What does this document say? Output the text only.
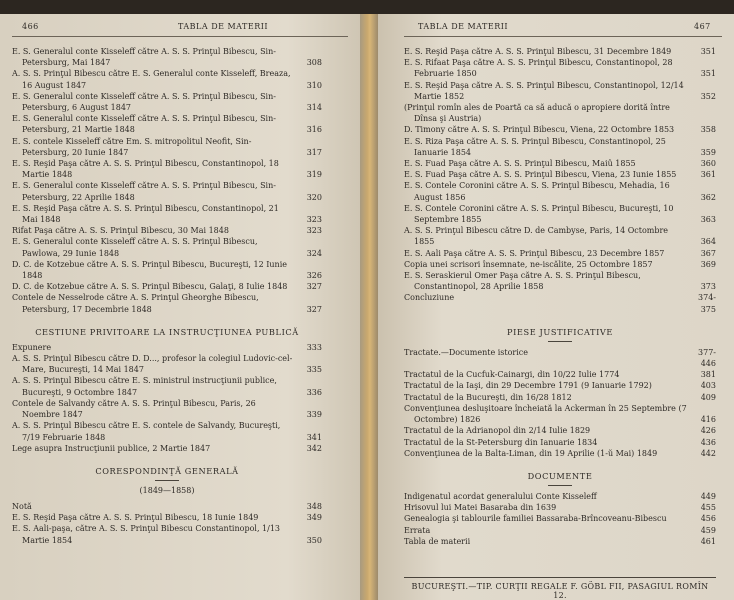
466	TABLA DE MATERII
E. S. Generalul conte Kisseleff către A. S. S. Prinţul Bibescu, Sin-Petersburg, Mai 1847	308
A. S. S. Prinţul Bibescu către E. S. Generalul conte Kisseleff, Breaza, 16 August 1847	310
E. S. Generalul conte Kisseleff către A. S. S. Prinţul Bibescu, Sin-Petersburg, 6 August 1847	314
E. S. Generalul conte Kisseleff către A. S. S. Prinţul Bibescu, Sin-Petersburg, 21 Martie 1848	316
E. S. contele Kisseleff către Em. S. mitropolitul Neofit, Sin-Petersburg, 20 Iunie 1847	317
E. S. Reşid Paşa către A. S. S. Prinţul Bibescu, Constantinopol, 18 Martie 1848	319
E. S. Generalul conte Kisseleff către A. S. S. Prinţul Bibescu, Sin-Petersburg, 22 Aprilie 1848	320
E. S. Reşid Paşa către A. S. S. Prinţul Bibescu, Constantinopol, 21 Mai 1848	323
Rifat Paşa către A. S. S. Prinţul Bibescu, 30 Mai 1848	323
E. S. Generalul conte Kisseleff către A. S. S. Prinţul Bibescu, Pawlowa, 29 Iunie 1848	324
D. C. de Kotzebue către A. S. S. Prinţul Bibescu, Bucureşti, 12 Iunie 1848	326
D. C. de Kotzebue către A. S. S. Prinţul Bibescu, Galaţi, 8 Iulie 1848	327
Contele de Nesselrode către A. S. Prinţul Gheorghe Bibescu, Petersburg, 17 Decembrie 1848	327
CESTIUNE PRIVITOARE LA INSTRUCŢIUNEA PUBLICĂ
Expunere	333
A. S. S. Prinţul Bibescu către D. D..., profesor la colegiul Ludovic-cel-Mare, Bucureşti, 14 Mai 1847	335
A. S. S. Prinţul Bibescu către E. S. ministrul instrucţiunii publice, Bucureşti, 9 Octombre 1847	336
Contele de Salvandy către A. S. S. Prinţul Bibescu, Paris, 26 Noembre 1847	339
A. S. S. Prinţul Bibescu către E. S. contele de Salvandy, Bucureşti, 7/19 Februarie 1848	341
Lege asupra Instrucţiunii publice, 2 Martie 1847	342
CORESPONDINŢĂ GENERALĂ
(1849—1858)
Notă	348
E. S. Reşid Paşa către A. S. S. Prinţul Bibescu, 18 Iunie 1849	349
E. S. Aali-paşa, către A. S. S. Prinţul Bibescu Constantinopol, 1/13 Martie 1854	350
TABLA DE MATERII	467
E. S. Reşid Paşa către A. S. S. Prinţul Bibescu, 31 Decembre 1849	351
E. S. Rifaat Paşa către A. S. S. Prinţul Bibescu, Constantinopol, 28 Februarie 1850	351
E. S. Reşid Paşa către A. S. S. Prinţul Bibescu, Constantinopol, 12/14 Martie 1852	352
(Prinţul romîn ales de Poartă ca să aducă o apropiere dorită între Dînsa şi Austria)
D. Timony către A. S. S. Prinţul Bibescu, Viena, 22 Octombre 1853	358
E. S. Riza Paşa către A. S. S. Prinţul Bibescu, Constantinopol, 25 Ianuarie 1854	359
E. S. Fuad Paşa către A. S. S. Prinţul Bibescu, Maiû 1855	360
E. S. Fuad Paşa către A. S. S. Prinţul Bibescu, Viena, 23 Iunie 1855	361
E. S. Contele Coronini către A. S. S. Prinţul Bibescu, Mehadia, 16 August 1856	362
E. S. Contele Coronini către A. S. S. Prinţul Bibescu, Bucureşti, 10 Septembre 1855	363
A. S. S. Prinţul Bibescu către D. de Cambyse, Paris, 14 Octombre 1855	364
E. S. Aali Paşa către A. S. S. Prinţul Bibescu, 23 Decembre 1857	367
Copia unei scrisori însemnate, ne-iscălite, 25 Octombre 1857	369
E. S. Seraskierul Omer Paşa către A. S. S. Prinţul Bibescu, Constantinopol, 28 Aprilie 1858	373
Concluziune	374-375
PIESE JUSTIFICATIVE
Tractate.—Documente istorice	377-446
Tractatul de la Cucfuk-Cainargi, din 10/22 Iulie 1774	381
Tractatul de la Iaşi, din 29 Decembre 1791 (9 Ianuarie 1792)	403
Tractatul de la Bucureşti, din 16/28 1812	409
Convenţiunea desluşitoare încheiată la Ackerman în 25 Septembre (7 Octombre) 1826	416
Tractatul de la Adrianopol din 2/14 Iulie 1829	426
Tractatul de la St-Petersburg din Ianuarie 1834	436
Convenţiunea de la Balta-Liman, din 19 Aprilie (1-ŭ Mai) 1849	442
DOCUMENTE
Indigenatul acordat generalului Conte Kisseleff	449
Hrisovul lui Matei Basaraba din 1639	455
Genealogia şi tablourile familiei Bassaraba-Brîncoveanu-Bibescu	456
Errata	459
Tabla de materii	461
BUCUREŞTI.—TIP. CURŢII REGALE F. GÖBL FII, PASAGIUL ROMÎN 12.
